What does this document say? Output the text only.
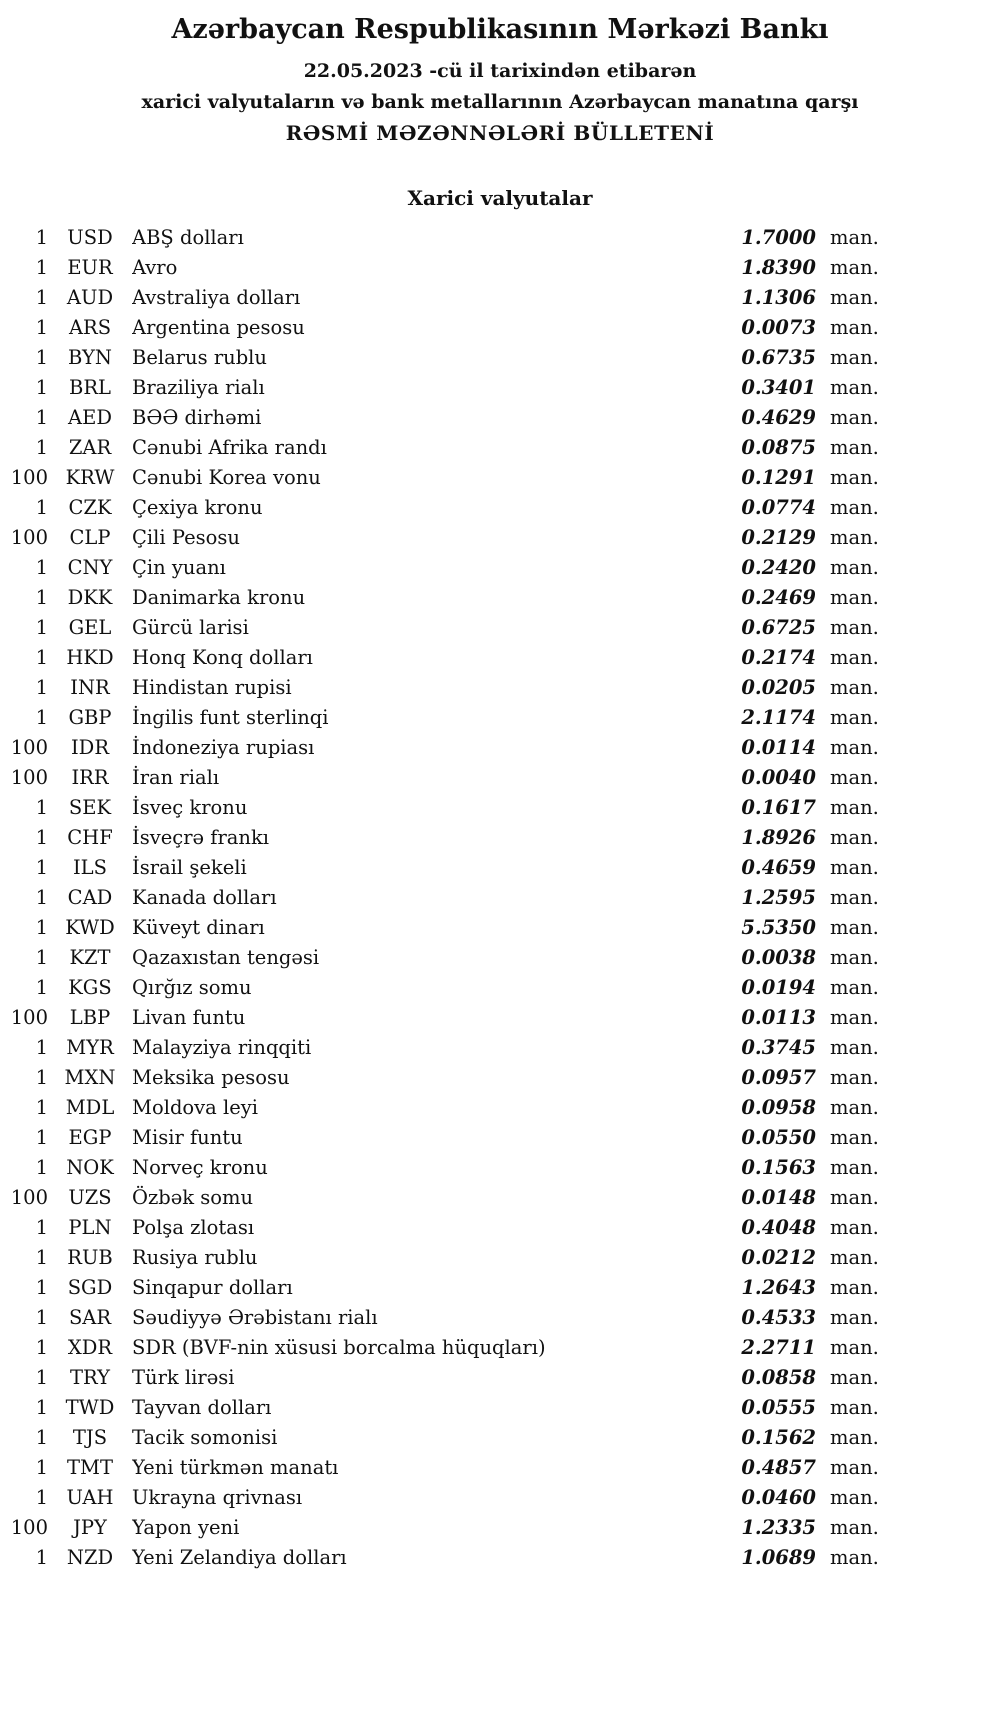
Azərbaycan Respublikasının Mərkəzi Bankı

22.05.2023 -cü il tarixindən etibarən

xarici valyutaların və bank metallarının Azərbaycan manatına qarşı

RƏSMİ MƏZƏNNƏLƏRİ BÜLLETENİ

Xarici valyutalar
1 USD ABŞ dolları	1.7000 man.
1 EUR Avro	1.8390 man.
1 AUD Avstraliya dolları	1.1306 man.
1	ARS	Argentina pesosu	0.0073 man.
1	BYN	Belarus rublu	0.6735 man.
1	BRL	Braziliya rialı	0.3401 man.
1	AED	BƏƏ dirhəmi	0.4629 man.
1	ZAR	Cənubi Afrika randı	0.0875 man.
100 KRW Cənubi Korea vonu	0.1291 man.
1	CZK	Çexiya kronu	0.0774 man.
100	CLP	Çili Pesosu	0.2129 man.
1	CNY	Çin yuanı	0.2420 man.
1	DKK	Danimarka kronu	0.2469 man.
1	GEL	Gürcü larisi	0.6725 man.
1 HKD Honq Konq dolları	0.2174 man.
1	INR	Hindistan rupisi	0.0205 man.
1	GBP	İngilis funt sterlinqi	2.1174 man.
100	IDR	İndoneziya rupiası	0.0114 man.
100	IRR	İran rialı	0.0040 man.
1	SEK	İsveç kronu	0.1617 man.
1 CHF İsveçrə frankı	1.8926 man.
1	ILS	İsrail şekeli	0.4659 man.
1	CAD	Kanada dolları	1.2595 man.
1 KWD Küveyt dinarı	5.5350 man.
1	KZT	Qazaxıstan tengəsi	0.0038 man.
1	KGS	Qırğız somu	0.0194 man.
100	LBP	Livan funtu	0.0113 man.
1 MYR Malayziya rinqqiti	0.3745 man.
1 MXN Meksika pesosu	0.0957 man.
1 MDL Moldova leyi	0.0958 man.
1	EGP	Misir funtu	0.0550 man.
1 NOK Norveç kronu	0.1563 man.
100	UZS	Özbək somu	0.0148 man.
1	PLN	Polşa zlotası	0.4048 man.
1 RUB Rusiya rublu	0.0212 man.
1	SGD	Sinqapur dolları	1.2643 man.
1	SAR	Səudiyyə Ərəbistanı rialı	0.4533 man.
1	XDR	SDR (BVF-nin xüsusi borcalma hüquqları)	2.2711 man.
1	TRY	Türk lirəsi	0.0858 man.
1 TWD Tayvan dolları	0.0555 man.
1	TJS	Tacik somonisi	0.1562 man.
1 TMT Yeni türkmən manatı	0.4857 man.
1 UAH Ukrayna qrivnası	0.0460 man.
100	JPY	Yapon yeni	1.2335 man.
1 NZD Yeni Zelandiya dolları	1.0689 man.
